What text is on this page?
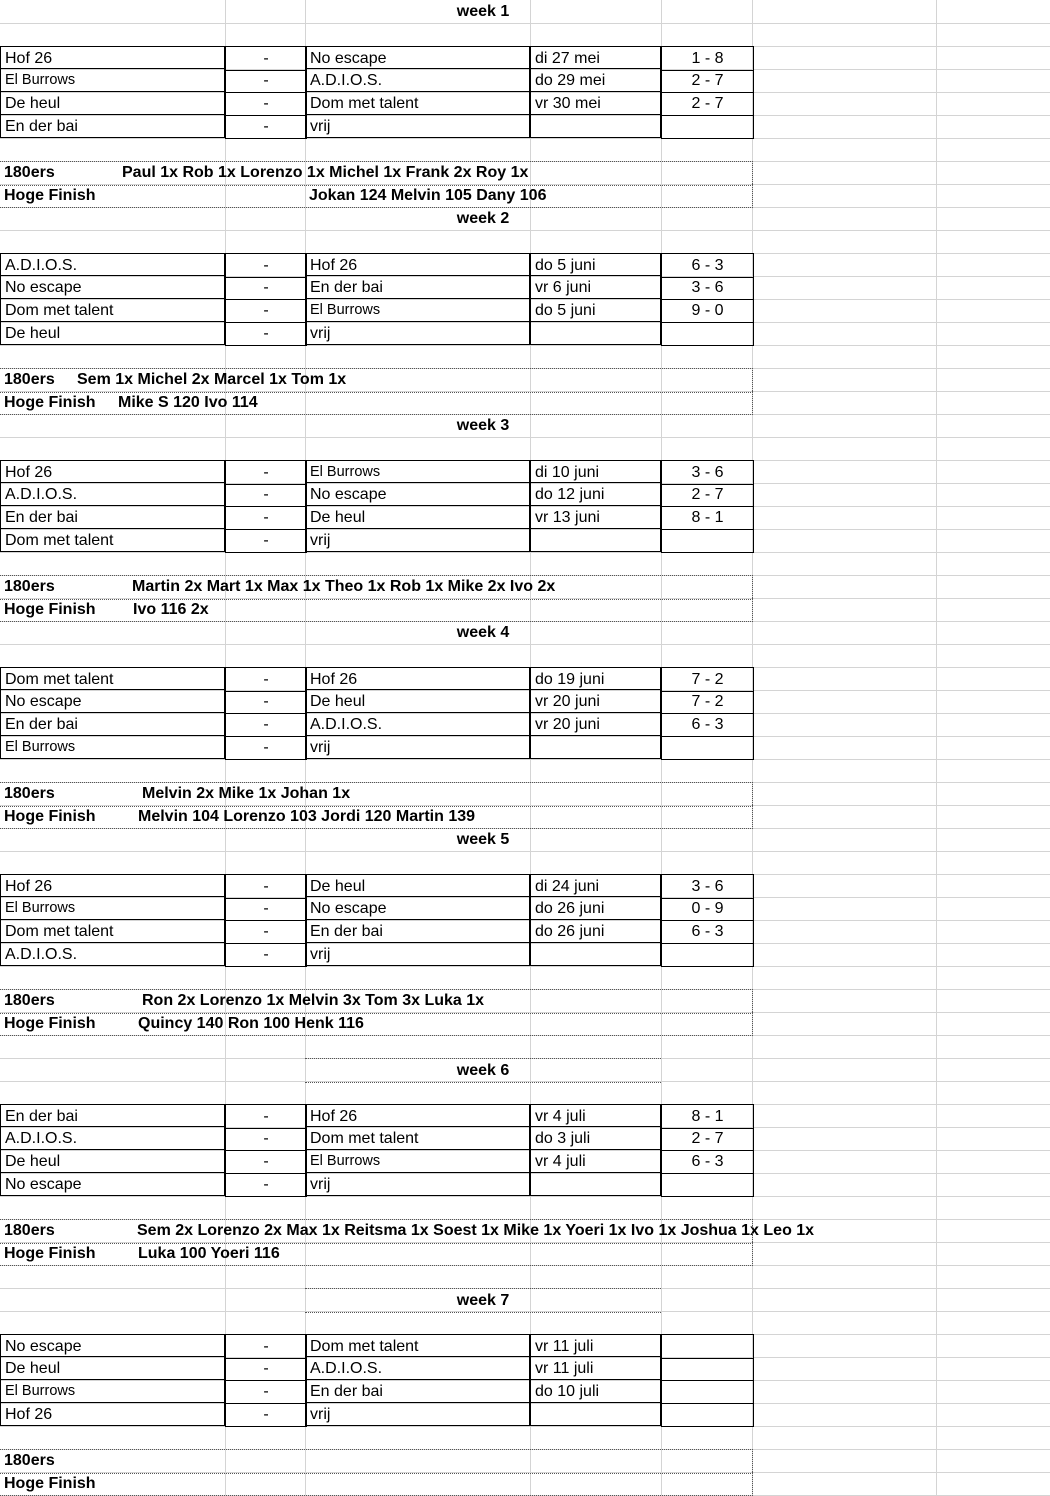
week 1
Hof 26	-	No escape	di 27 mei	1 - 8
El Burrows	-	A.D.I.O.S.	do 29 mei	2 - 7
De heul	-	Dom met talent	vr 30 mei	2 - 7
En der bai	-	vrij
180ers	Paul 1x Rob 1x Lorenzo 1x Michel 1x Frank 2x Roy 1x
Hoge Finish	Jokan 124 Melvin 105 Dany 106
week 2
A.D.I.O.S.	-	Hof 26	do 5 juni	6 - 3
No escape	-	En der bai	vr 6 juni	3 - 6
Dom met talent	-	El Burrows	do 5 juni	9 - 0
De heul	-	vrij
180ers	Sem 1x Michel 2x Marcel 1x Tom 1x
Hoge Finish	Mike S 120 Ivo 114
week 3
Hof 26	-	El Burrows	di 10 juni	3 - 6
A.D.I.O.S.	-	No escape	do 12 juni	2 - 7
En der bai	-	De heul	vr 13 juni	8 - 1
Dom met talent	-	vrij
180ers	Martin 2x Mart 1x Max 1x Theo 1x Rob 1x Mike 2x Ivo 2x
Hoge Finish	Ivo 116 2x
week 4
Dom met talent	-	Hof 26	do 19 juni	7 - 2
No escape	-	De heul	vr 20 juni	7 - 2
En der bai	-	A.D.I.O.S.	vr 20 juni	6 - 3
El Burrows	-	vrij
180ers	Melvin 2x Mike 1x Johan 1x
Hoge Finish	Melvin 104 Lorenzo 103 Jordi 120 Martin 139
week 5
Hof 26	-	De heul	di 24 juni	3 - 6
El Burrows	-	No escape	do 26 juni	0 - 9
Dom met talent	-	En der bai	do 26 juni	6 - 3
A.D.I.O.S.	-	vrij
180ers	Ron 2x Lorenzo 1x Melvin 3x Tom 3x Luka 1x
Hoge Finish	Quincy 140 Ron 100 Henk 116
week 6
En der bai	-	Hof 26	vr 4 juli	8 - 1
A.D.I.O.S.	-	Dom met talent	do 3 juli	2 - 7
De heul	-	El Burrows	vr 4 juli	6 - 3
No escape	-	vrij
180ers	Sem 2x Lorenzo 2x Max 1x Reitsma 1x Soest 1x Mike 1x Yoeri 1x Ivo 1x Joshua 1x Leo 1x
Hoge Finish	Luka 100 Yoeri 116
week 7
No escape	-	Dom met talent	vr 11 juli
De heul	-	A.D.I.O.S.	vr 11 juli
El Burrows	-	En der bai	do 10 juli
Hof 26	-	vrij
180ers
Hoge Finish
